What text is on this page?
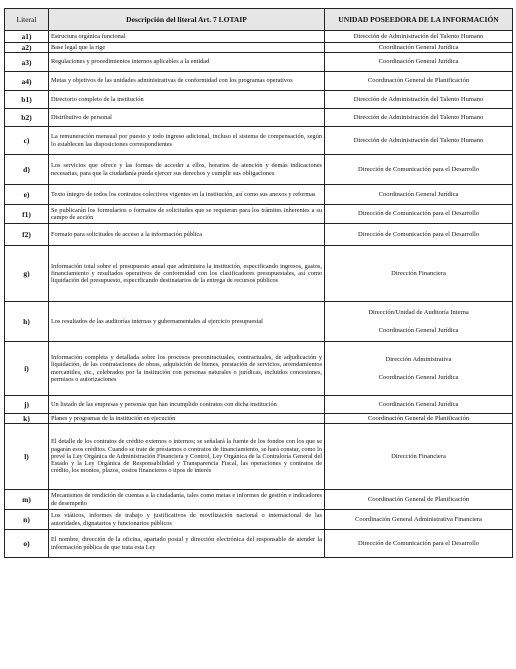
Literal	Descripción del literal Art. 7 LOTAIP	UNIDAD POSEEDORA DE LA INFORMACIÓN
a1)	Estructura orgánica funcional	Dirección de Administración del Talento Humano

a2)	Base legal que la rige	Coordinación General Jurídica

a3)	Regulaciones y procedimientos internos aplicables a la entidad	Coordinación General Jurídica

a4)	Metas y objetivos de las unidades administrativas de conformidad con los programas operativos	Coordinación General de Planificación

b1)	Directorio completo de la institución	Dirección de Administración del Talento Humano

b2)	Distributivo de personal	Dirección de Administración del Talento Humano

c)	La remuneración mensual por puesto y todo ingreso adicional, incluso el sistema de compensación, según lo establecen las disposiciones correspondientes	Dirección de Administración del Talento Humano

d)	Los servicios que ofrece y las formas de acceder a ellos, horarios de atención y demás indicaciones necesarias, para que la ciudadanía pueda ejercer sus derechos y cumplir sus obligaciones	Dirección de Comunicación para el Desarrollo

e)	Texto íntegro de todos los contratos colectivos vigentes en la institución, así como sus anexos y reformas	Coordinación General Jurídica

f1)	Se publicarán los formularios o formatos de solicitudes que se requieran para los trámites inherentes a su campo de acción	Dirección de Comunicación para el Desarrollo

f2)	Formato para solicitudes de acceso a la información pública	Dirección de Comunicación para el Desarrollo

g)	Información total sobre el presupuesto anual que administra la institución, especificando ingresos, gastos, financiamiento y resultados operativos de conformidad con los clasificadores presupuestales, así como liquidación del presupuesto, especificando destinatarios de la entrega de recursos públicos	Dirección Financiera

h)	Los resultados de las auditorías internas y gubernamentales al ejercicio presupuestal	Dirección/Unidad de Auditoría Interna
Coordinación General Jurídica

i)	Información completa y detallada sobre los procesos precontractuales, contractuales, de adjudicación y liquidación, de las contrataciones de obras, adquisición de bienes, prestación de servicios, arrendamientos mercantiles, etc., celebrados por la institución con personas naturales o jurídicas, incluidos concesiones, permisos o autorizaciones	Dirección Administrativa
Coordinación General Jurídica

j)	Un listado de las empresas y personas que han incumplido contratos con dicha institución	Coordinación General Jurídica

k)	Planes y programas de la institución en ejecución	Coordinación General de Planificación

l)	El detalle de los contratos de crédito externos o internos; se señalará la fuente de los fondos con los que se pagarán esos créditos. Cuando se trate de préstamos o contratos de financiamiento, se hará constar, como lo prevé la Ley Orgánica de Administración Financiera y Control, Ley Orgánica de la Contraloría General del Estado y la Ley Orgánica de Responsabilidad y Transparencia Fiscal, las operaciones y contratos de crédito, los montos, plazos, costos financieros o tipos de interés	Dirección Financiera

m)	Mecanismos de rendición de cuentas a la ciudadanía, tales como metas e informes de gestión e indicadores de desempeño	Coordinación General de Planificación

n)	Los viáticos, informes de trabajo y justificativos de movilización nacional o internacional de las autoridades, dignatarios y funcionarios públicos	Coordinación General Administrativa Financiera

o)	El nombre, dirección de la oficina, apartado postal y dirección electrónica del responsable de atender la información pública de que trata esta Ley	Dirección de Comunicación para el Desarrollo
